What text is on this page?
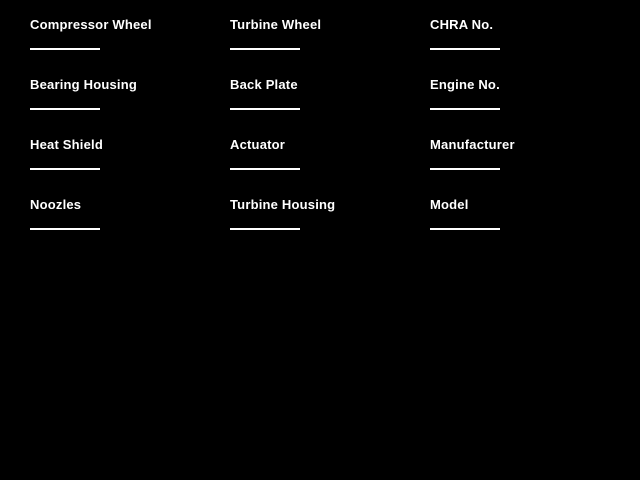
Compressor Wheel	Turbine Wheel	CHRA No.
Bearing Housing	Back Plate	Engine No.
Heat Shield	Actuator	Manufacturer
Noozles	Turbine Housing	Model
